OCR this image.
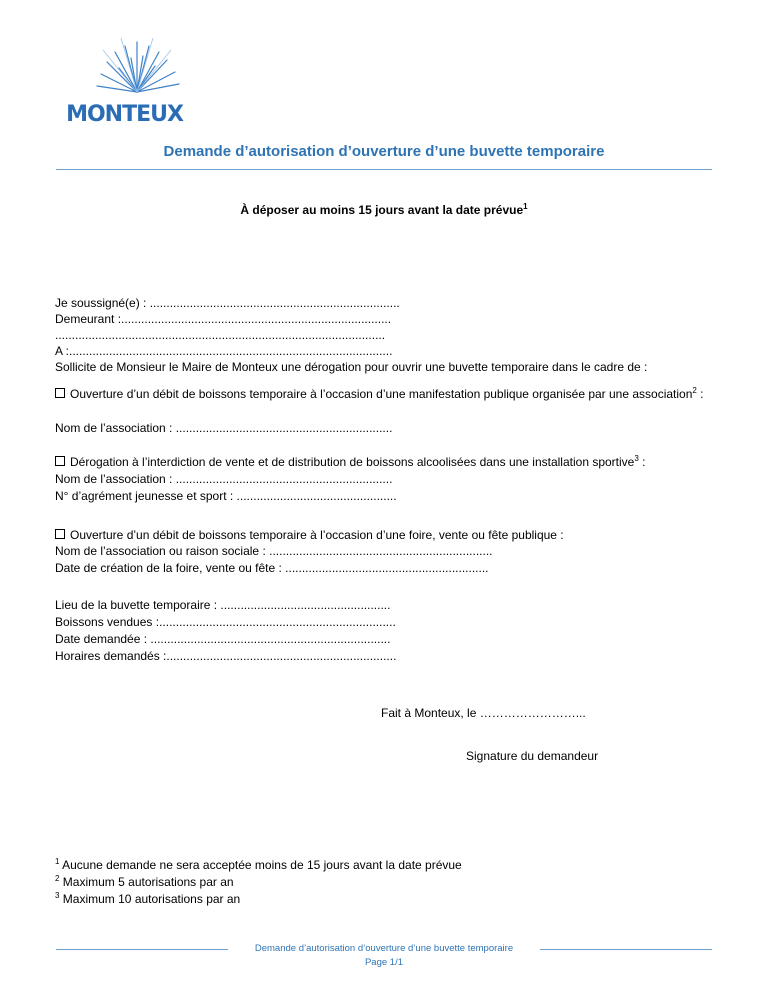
MONTEUX
Demande d’autorisation d’ouverture d’une buvette temporaire
À déposer au moins 15 jours avant la date prévue$^1$
Je soussigné(e) : ...........................................................................
Demeurant :.................................................................................
...................................................................................................
A :.................................................................................................
Sollicite de Monsieur le Maire de Monteux une dérogation pour ouvrir une buvette temporaire dans le cadre de :
Ouverture d’un débit de boissons temporaire à l’occasion d’une manifestation publique organisée par une association$^2$ :
Nom de l’association : .................................................................
Dérogation à l’interdiction de vente et de distribution de boissons alcoolisées dans une installation sportive$^3$ :
Nom de l’association : .................................................................
N° d’agrément jeunesse et sport : ................................................
Ouverture d’un débit de boissons temporaire à l’occasion d’une foire, vente ou fête publique :
Nom de l’association ou raison sociale : ...................................................................
Date de création de la foire, vente ou fête : .............................................................
Lieu de la buvette temporaire : ...................................................
Boissons vendues :.......................................................................
Date demandée : ........................................................................
Horaires demandés :.....................................................................
Fait à Monteux, le ……………………...
Signature du demandeur
$^1$ Aucune demande ne sera acceptée moins de 15 jours avant la date prévue
$^2$ Maximum 5 autorisations par an
$^3$ Maximum 10 autorisations par an
Demande d’autorisation d’ouverture d’une buvette temporaire
Page 1/1
